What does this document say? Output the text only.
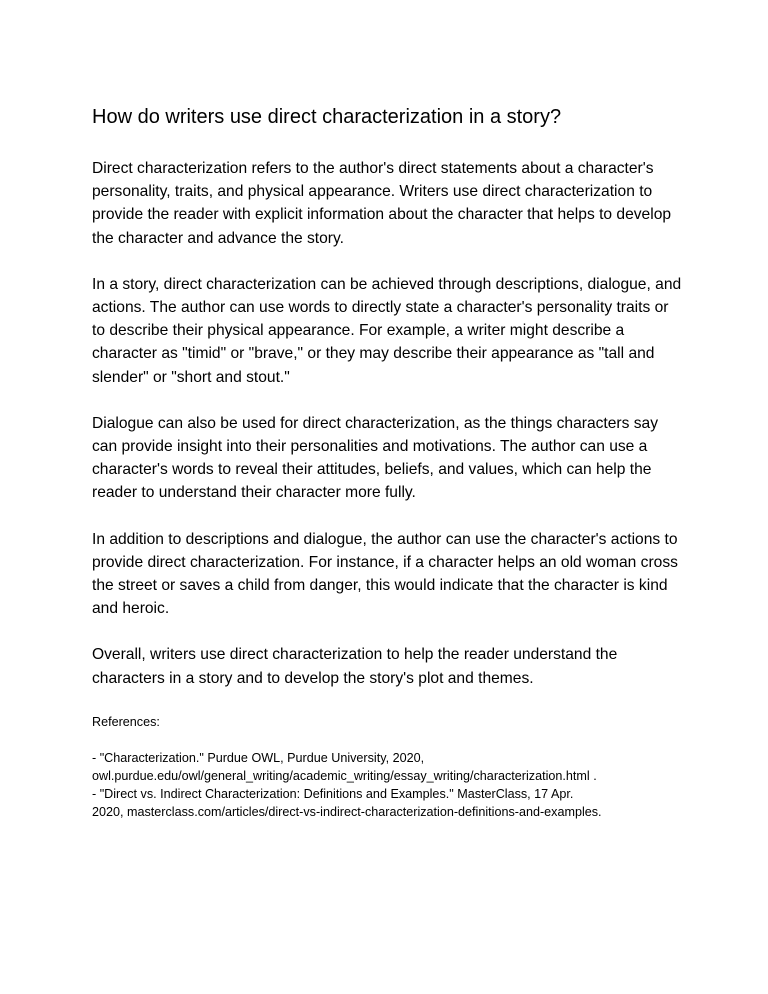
How do writers use direct characterization in a story?

Direct characterization refers to the author's direct statements about a character's personality, traits, and physical appearance. Writers use direct characterization to provide the reader with explicit information about the character that helps to develop the character and advance the story.

In a story, direct characterization can be achieved through descriptions, dialogue, and actions. The author can use words to directly state a character's personality traits or to describe their physical appearance. For example, a writer might describe a character as "timid" or "brave," or they may describe their appearance as "tall and slender" or "short and stout."

Dialogue can also be used for direct characterization, as the things characters say can provide insight into their personalities and motivations. The author can use a character's words to reveal their attitudes, beliefs, and values, which can help the reader to understand their character more fully.

In addition to descriptions and dialogue, the author can use the character's actions to provide direct characterization. For instance, if a character helps an old woman cross the street or saves a child from danger, this would indicate that the character is kind and heroic.

Overall, writers use direct characterization to help the reader understand the characters in a story and to develop the story's plot and themes.

References:

- "Characterization." Purdue OWL, Purdue University, 2020,

owl.purdue.edu/owl/general_writing/academic_writing/essay_writing/characterization.html .

- "Direct vs. Indirect Characterization: Definitions and Examples." MasterClass, 17 Apr.

2020, masterclass.com/articles/direct-vs-indirect-characterization-definitions-and-examples.
